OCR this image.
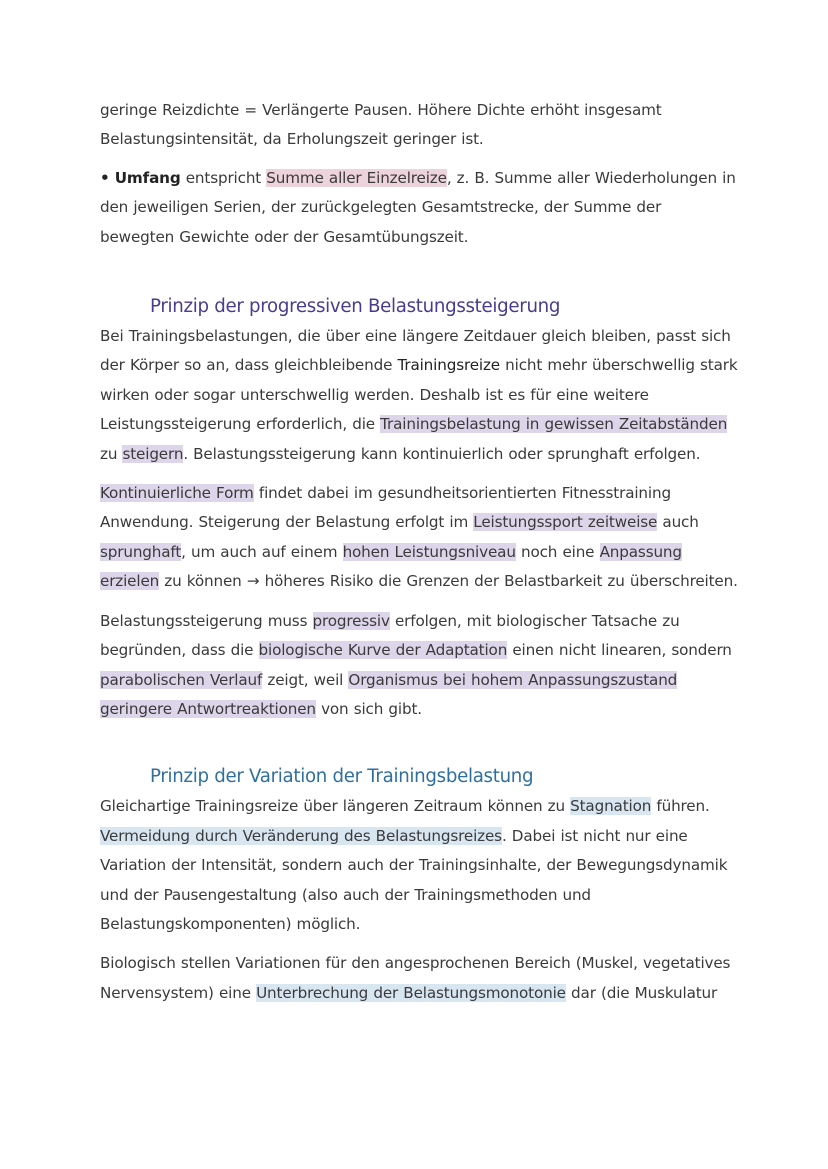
geringe Reizdichte = Verlängerte Pausen. Höhere Dichte erhöht insgesamt Belastungsintensität, da Erholungszeit geringer ist.

• Umfang entspricht Summe aller Einzelreize, z. B. Summe aller Wiederholungen in den jeweiligen Serien, der zurückgelegten Gesamtstrecke, der Summe der bewegten Gewichte oder der Gesamtübungszeit.

Prinzip der progressiven Belastungssteigerung

Bei Trainingsbelastungen, die über eine längere Zeitdauer gleich bleiben, passt sich der Körper so an, dass gleichbleibende Trainingsreize nicht mehr überschwellig stark wirken oder sogar unterschwellig werden. Deshalb ist es für eine weitere Leistungssteigerung erforderlich, die Trainingsbelastung in gewissen Zeitabständen zu steigern. Belastungssteigerung kann kontinuierlich oder sprunghaft erfolgen.

Kontinuierliche Form findet dabei im gesundheitsorientierten Fitnesstraining Anwendung. Steigerung der Belastung erfolgt im Leistungssport zeitweise auch sprunghaft, um auch auf einem hohen Leistungsniveau noch eine Anpassung erzielen zu können → höheres Risiko die Grenzen der Belastbarkeit zu überschreiten.

Belastungssteigerung muss progressiv erfolgen, mit biologischer Tatsache zu begründen, dass die biologische Kurve der Adaptation einen nicht linearen, sondern parabolischen Verlauf zeigt, weil Organismus bei hohem Anpassungszustand geringere Antwortreaktionen von sich gibt.

Prinzip der Variation der Trainingsbelastung

Gleichartige Trainingsreize über längeren Zeitraum können zu Stagnation führen. Vermeidung durch Veränderung des Belastungsreizes. Dabei ist nicht nur eine Variation der Intensität, sondern auch der Trainingsinhalte, der Bewegungsdynamik und der Pausengestaltung (also auch der Trainingsmethoden und Belastungskomponenten) möglich.

Biologisch stellen Variationen für den angesprochenen Bereich (Muskel, vegetatives Nervensystem) eine Unterbrechung der Belastungsmonotonie dar (die Muskulatur
